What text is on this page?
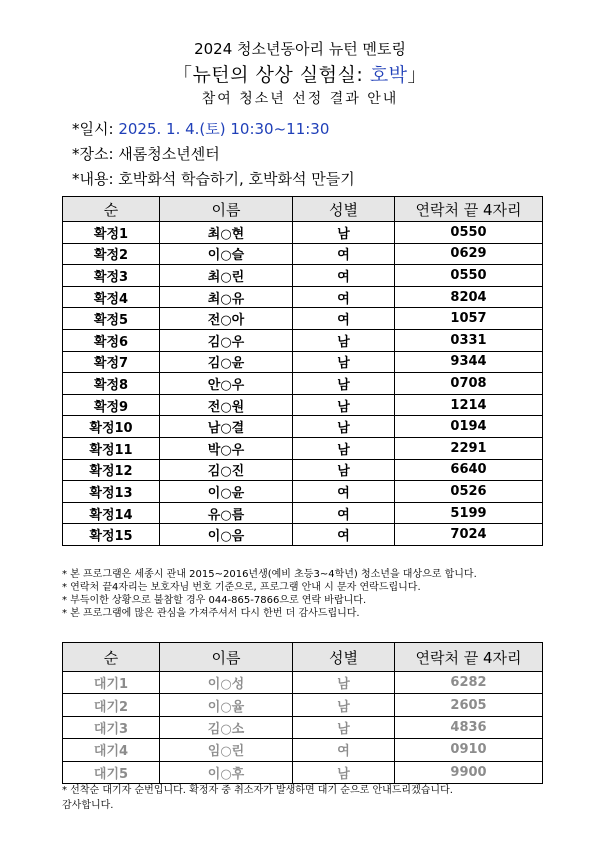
2024 청소년동아리 뉴턴 멘토링
「뉴턴의 상상 실험실: 호박」
참여 청소년 선정 결과 안내
*일시: 2025. 1. 4.(토) 10:30~11:30
*장소: 새롬청소년센터
*내용: 호박화석 학습하기, 호박화석 만들기
순	이름	성별	연락처 끝 4자리
확정1	최○현	남	0550
확정2	이○슬	여	0629
확정3	최○린	여	0550
확정4	최○유	여	8204
확정5	전○아	여	1057
확정6	김○우	남	0331
확정7	김○윤	남	9344
확정8	안○우	남	0708
확정9	전○원	남	1214
확정10	남○결	남	0194
확정11	박○우	남	2291
확정12	김○진	남	6640
확정13	이○윤	여	0526
확정14	유○름	여	5199
확정15	이○음	여	7024
* 본 프로그램은 세종시 관내 2015~2016년생(예비 초등3~4학년) 청소년을 대상으로 합니다.
* 연락처 끝4자리는 보호자님 번호 기준으로, 프로그램 안내 시 문자 연락드립니다.
* 부득이한 상황으로 불참할 경우 044-865-7866으로 연락 바랍니다.
* 본 프로그램에 많은 관심을 가져주셔서 다시 한번 더 감사드립니다.
순	이름	성별	연락처 끝 4자리
대기1	이○성	남	6282
대기2	이○율	남	2605
대기3	김○소	남	4836
대기4	임○린	여	0910
대기5	이○후	남	9900
* 선착순 대기자 순번입니다. 확정자 중 취소자가 발생하면 대기 순으로 안내드리겠습니다.
감사합니다.
